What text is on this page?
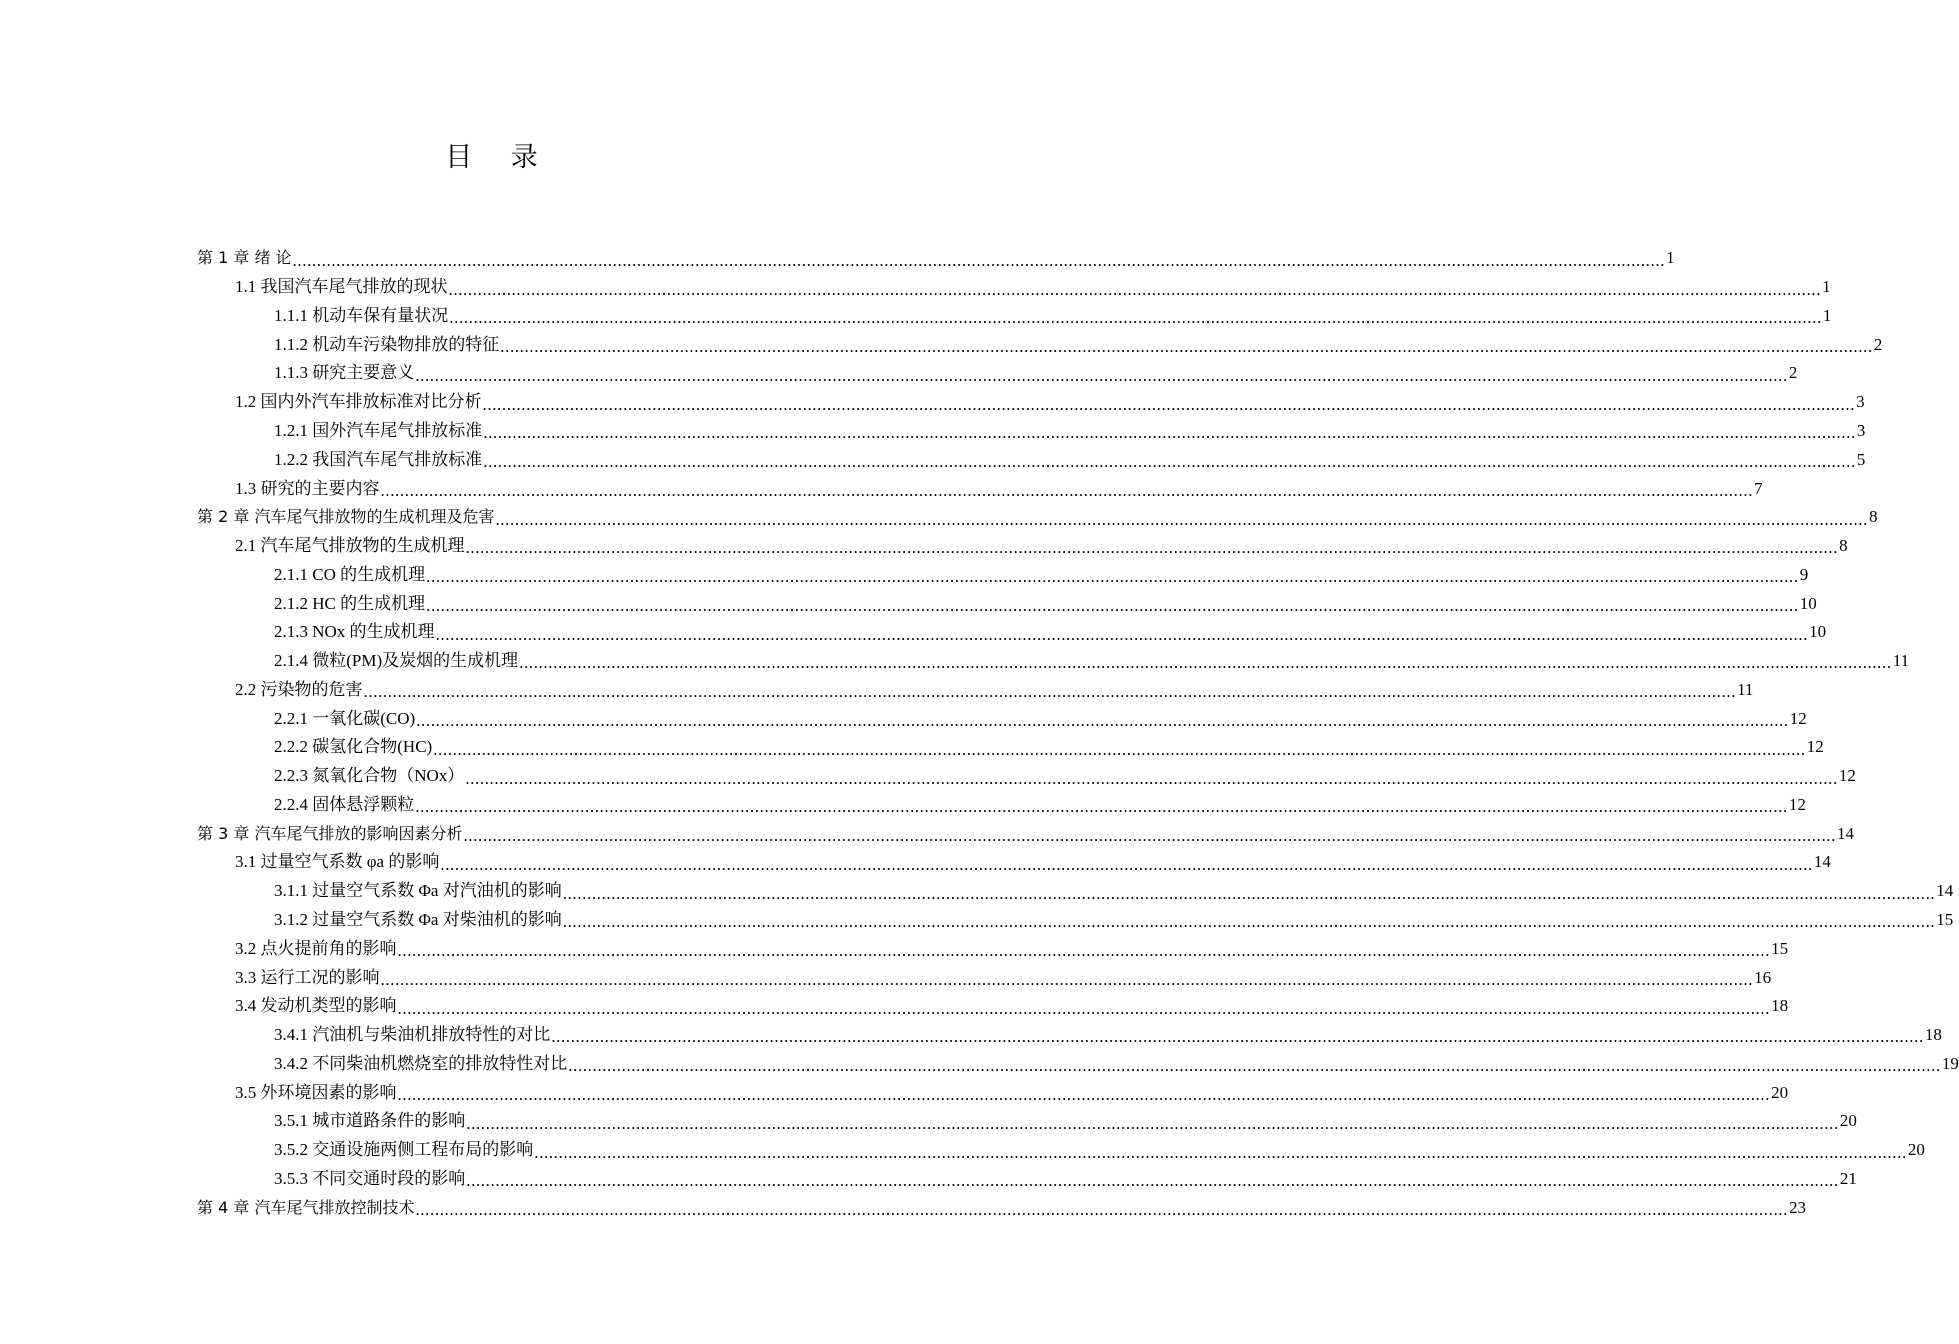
目 录
第 1 章 绪 论 .....	1
1.1 我国汽车尾气排放的现状 .....	1
1.1.1 机动车保有量状况 .....	1
1.1.2 机动车污染物排放的特征 .....	2
1.1.3 研究主要意义 .....	2
1.2 国内外汽车排放标准对比分析 .....	3
1.2.1 国外汽车尾气排放标准 .....	3
1.2.2 我国汽车尾气排放标准 .....	5
1.3 研究的主要内容 .....	7
第 2 章 汽车尾气排放物的生成机理及危害 .....	8
2.1 汽车尾气排放物的生成机理 .....	8
2.1.1 CO 的生成机理 .....	9
2.1.2 HC 的生成机理 .....	10
2.1.3 NOx 的生成机理 .....	10
2.1.4 微粒(PM)及炭烟的生成机理 .....	11
2.2 污染物的危害 .....	11
2.2.1 一氧化碳(CO) .....	12
2.2.2 碳氢化合物(HC) .....	12
2.2.3 氮氧化合物（NOx） .....	12
2.2.4 固体悬浮颗粒 .....	12
第 3 章 汽车尾气排放的影响因素分析 .....	14
3.1 过量空气系数 φa 的影响 .....	14
3.1.1 过量空气系数 Φa 对汽油机的影响 .....	14
3.1.2 过量空气系数 Φa 对柴油机的影响 .....	15
3.2 点火提前角的影响 .....	15
3.3 运行工况的影响 .....	16
3.4 发动机类型的影响 .....	18
3.4.1 汽油机与柴油机排放特性的对比 .....	18
3.4.2 不同柴油机燃烧室的排放特性对比 .....	19
3.5 外环境因素的影响 .....	20
3.5.1 城市道路条件的影响 .....	20
3.5.2 交通设施两侧工程布局的影响 .....	20
3.5.3 不同交通时段的影响 .....	21
第 4 章 汽车尾气排放控制技术 .....	23
